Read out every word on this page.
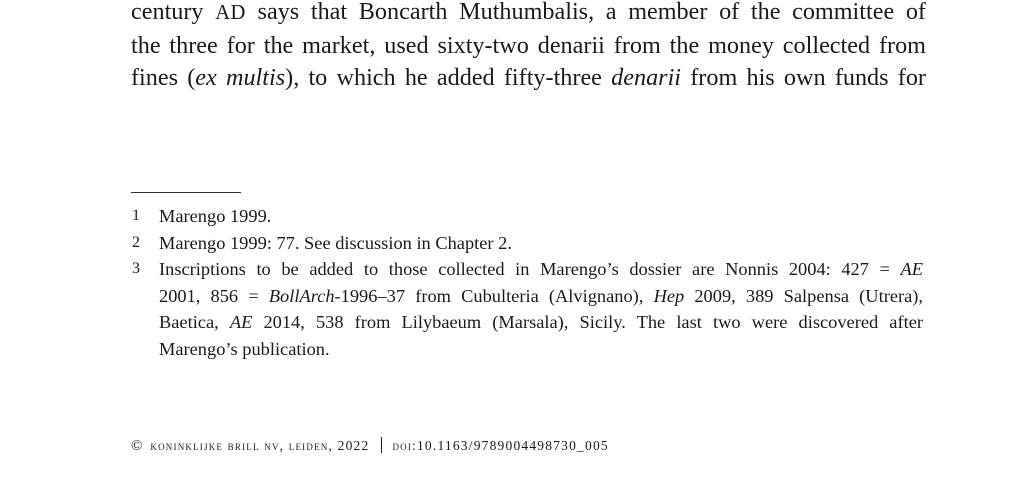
century AD says that Boncarth Muthumbalis, a member of the committee of
the three for the market, used sixty-two denarii from the money collected from
fines (ex multis), to which he added fifty-three denarii from his own funds for
1 Marengo 1999.
2 Marengo 1999: 77. See discussion in Chapter 2.
3 Inscriptions to be added to those collected in Marengo’s dossier are Nonnis 2004: 427 = AE
2001, 856 = BollArch-1996–37 from Cubulteria (Alvignano), Hep 2009, 389 Salpensa (Utrera),
Baetica, AE 2014, 538 from Lilybaeum (Marsala), Sicily. The last two were discovered after
Marengo’s publication.
© koninklijke brill nv, leiden, 2022 doi:10.1163/9789004498730_005
